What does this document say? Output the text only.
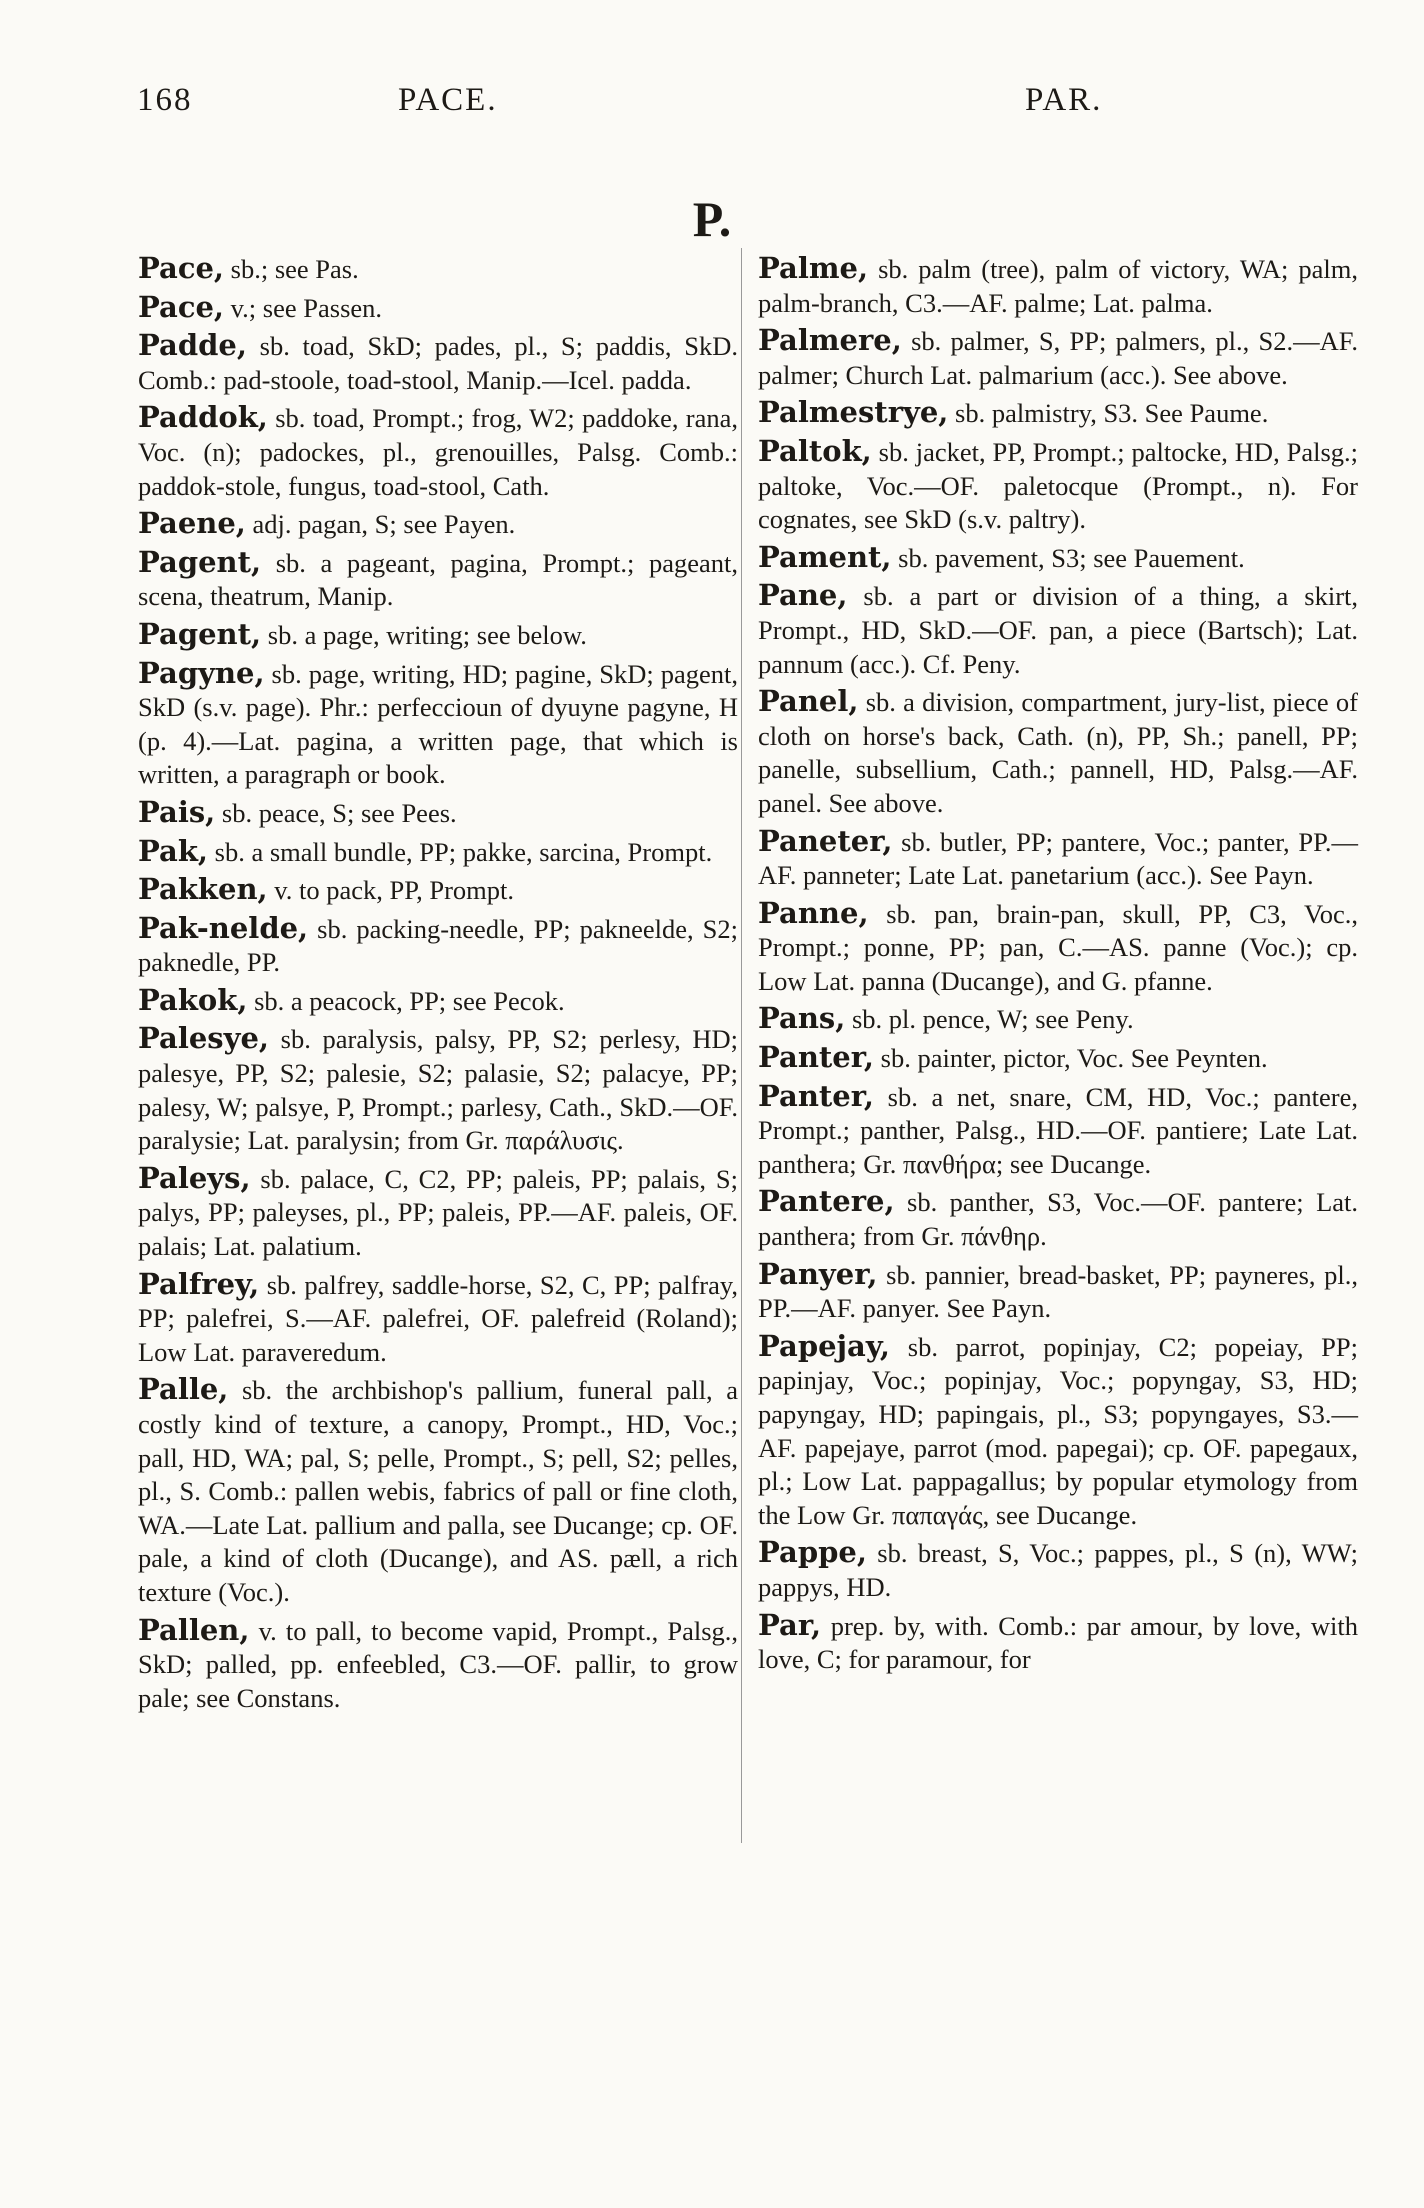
168	PACE.	PAR.
P.

Pace, sb.; see Pas.

Pace, v.; see Passen.

Padde, sb. toad, SkD; pades, pl., S; paddis, SkD. Comb.: pad-stoole, toad-stool, Manip.—Icel. padda.

Paddok, sb. toad, Prompt.; frog, W2; paddoke, rana, Voc. (n); padockes, pl., grenouilles, Palsg. Comb.: paddok-stole, fungus, toad-stool, Cath.

Paene, adj. pagan, S; see Payen.

Pagent, sb. a pageant, pagina, Prompt.; pageant, scena, theatrum, Manip.

Pagent, sb. a page, writing; see below.

Pagyne, sb. page, writing, HD; pagine, SkD; pagent, SkD (s.v. page). Phr.: perfeccioun of dyuyne pagyne, H (p. 4).—Lat. pagina, a written page, that which is written, a paragraph or book.

Pais, sb. peace, S; see Pees.

Pak, sb. a small bundle, PP; pakke, sarcina, Prompt.

Pakken, v. to pack, PP, Prompt.

Pak-nelde, sb. packing-needle, PP; pakneelde, S2; paknedle, PP.

Pakok, sb. a peacock, PP; see Pecok.

Palesye, sb. paralysis, palsy, PP, S2; perlesy, HD; palesye, PP, S2; palesie, S2; palasie, S2; palacye, PP; palesy, W; palsye, P, Prompt.; parlesy, Cath., SkD.—OF. paralysie; Lat. paralysin; from Gr. παράλυσις.

Paleys, sb. palace, C, C2, PP; paleis, PP; palais, S; palys, PP; paleyses, pl., PP; paleis, PP.—AF. paleis, OF. palais; Lat. palatium.

Palfrey, sb. palfrey, saddle-horse, S2, C, PP; palfray, PP; palefrei, S.—AF. palefrei, OF. palefreid (Roland); Low Lat. paraveredum.

Palle, sb. the archbishop's pallium, funeral pall, a costly kind of texture, a canopy, Prompt., HD, Voc.; pall, HD, WA; pal, S; pelle, Prompt., S; pell, S2; pelles, pl., S. Comb.: pallen webis, fabrics of pall or fine cloth, WA.—Late Lat. pallium and palla, see Ducange; cp. OF. pale, a kind of cloth (Ducange), and AS. pæll, a rich texture (Voc.).

Pallen, v. to pall, to become vapid, Prompt., Palsg., SkD; palled, pp. enfeebled, C3.—OF. pallir, to grow pale; see Constans.

Palme, sb. palm (tree), palm of victory, WA; palm, palm-branch, C3.—AF. palme; Lat. palma.

Palmere, sb. palmer, S, PP; palmers, pl., S2.—AF. palmer; Church Lat. palmarium (acc.). See above.

Palmestrye, sb. palmistry, S3. See Paume.

Paltok, sb. jacket, PP, Prompt.; paltocke, HD, Palsg.; paltoke, Voc.—OF. paletocque (Prompt., n). For cognates, see SkD (s.v. paltry).

Pament, sb. pavement, S3; see Pauement.

Pane, sb. a part or division of a thing, a skirt, Prompt., HD, SkD.—OF. pan, a piece (Bartsch); Lat. pannum (acc.). Cf. Peny.

Panel, sb. a division, compartment, jury-list, piece of cloth on horse's back, Cath. (n), PP, Sh.; panell, PP; panelle, subsellium, Cath.; pannell, HD, Palsg.—AF. panel. See above.

Paneter, sb. butler, PP; pantere, Voc.; panter, PP.—AF. panneter; Late Lat. panetarium (acc.). See Payn.

Panne, sb. pan, brain-pan, skull, PP, C3, Voc., Prompt.; ponne, PP; pan, C.—AS. panne (Voc.); cp. Low Lat. panna (Ducange), and G. pfanne.

Pans, sb. pl. pence, W; see Peny.

Panter, sb. painter, pictor, Voc. See Peynten.

Panter, sb. a net, snare, CM, HD, Voc.; pantere, Prompt.; panther, Palsg., HD.—OF. pantiere; Late Lat. panthera; Gr. πανθήρα; see Ducange.

Pantere, sb. panther, S3, Voc.—OF. pantere; Lat. panthera; from Gr. πάνθηρ.

Panyer, sb. pannier, bread-basket, PP; payneres, pl., PP.—AF. panyer. See Payn.

Papejay, sb. parrot, popinjay, C2; popeiay, PP; papinjay, Voc.; popinjay, Voc.; popyngay, S3, HD; papyngay, HD; papingais, pl., S3; popyngayes, S3.—AF. papejaye, parrot (mod. papegai); cp. OF. papegaux, pl.; Low Lat. pappagallus; by popular etymology from the Low Gr. παπαγάς, see Ducange.

Pappe, sb. breast, S, Voc.; pappes, pl., S (n), WW; pappys, HD.

Par, prep. by, with. Comb.: par amour, by love, with love, C; for paramour, for
